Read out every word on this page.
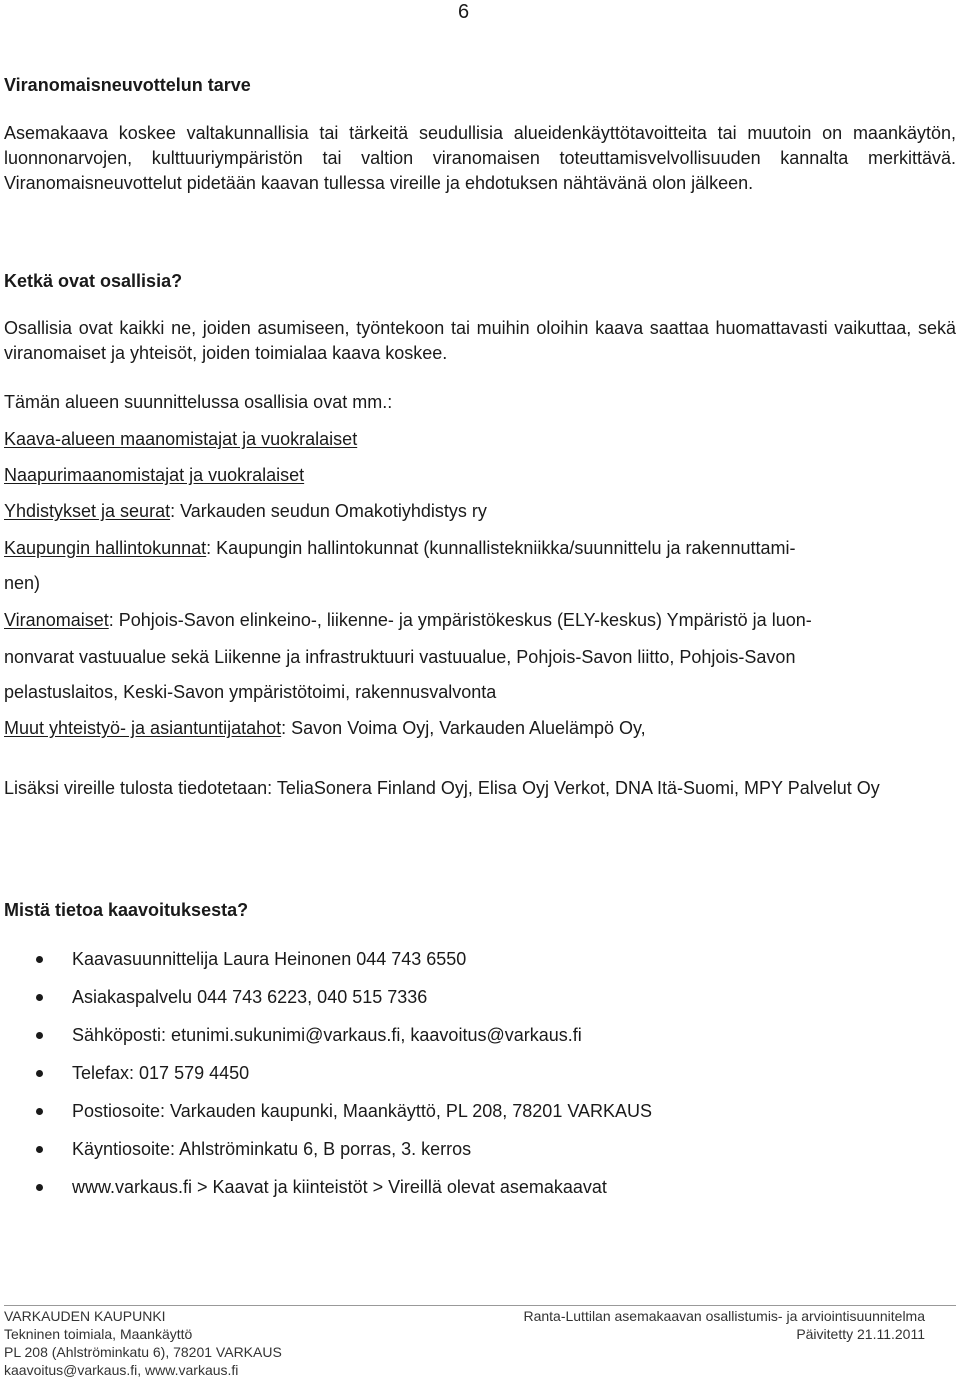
6
Viranomaisneuvottelun tarve
Asemakaava koskee valtakunnallisia tai tärkeitä seudullisia alueidenkäyttötavoitteita tai muutoin on maankäytön, luonnonarvojen, kulttuuriympäristön tai valtion viranomaisen toteuttamisvelvollisuuden kannalta merkittävä. Viranomaisneuvottelut pidetään kaavan tullessa vireille ja ehdotuksen nähtävänä olon jälkeen.
Ketkä ovat osallisia?
Osallisia ovat kaikki ne, joiden asumiseen, työntekoon tai muihin oloihin kaava saattaa huomattavasti vaikuttaa, sekä viranomaiset ja yhteisöt, joiden toimialaa kaava koskee.
Tämän alueen suunnittelussa osallisia ovat mm.:
Kaava-alueen maanomistajat ja vuokralaiset
Naapurimaanomistajat ja vuokralaiset
Yhdistykset ja seurat: Varkauden seudun Omakotiyhdistys ry
Kaupungin hallintokunnat: Kaupungin hallintokunnat (kunnallistekniikka/suunnittelu ja rakennuttami-
nen)
Viranomaiset: Pohjois-Savon elinkeino-, liikenne- ja ympäristökeskus (ELY-keskus) Ympäristö ja luon-
nonvarat vastuualue sekä Liikenne ja infrastruktuuri vastuualue, Pohjois-Savon liitto, Pohjois-Savon
pelastuslaitos, Keski-Savon ympäristötoimi, rakennusvalvonta
Muut yhteistyö- ja asiantuntijatahot: Savon Voima Oyj, Varkauden Aluelämpö Oy,
Lisäksi vireille tulosta tiedotetaan: TeliaSonera Finland Oyj, Elisa Oyj Verkot, DNA Itä-Suomi, MPY Palvelut Oy
Mistä tietoa kaavoituksesta?
Kaavasuunnittelija Laura Heinonen 044 743 6550
Asiakaspalvelu 044 743 6223, 040 515 7336
Sähköposti: etunimi.sukunimi@varkaus.fi, kaavoitus@varkaus.fi
Telefax: 017 579 4450
Postiosoite: Varkauden kaupunki, Maankäyttö, PL 208, 78201 VARKAUS
Käyntiosoite: Ahlströminkatu 6, B porras, 3. kerros
www.varkaus.fi > Kaavat ja kiinteistöt > Vireillä olevat asemakaavat
VARKAUDEN KAUPUNKI
Tekninen toimiala, Maankäyttö
PL 208 (Ahlströminkatu 6), 78201 VARKAUS
kaavoitus@varkaus.fi, www.varkaus.fi
Ranta-Luttilan asemakaavan osallistumis- ja arviointisuunnitelma
Päivitetty 21.11.2011
